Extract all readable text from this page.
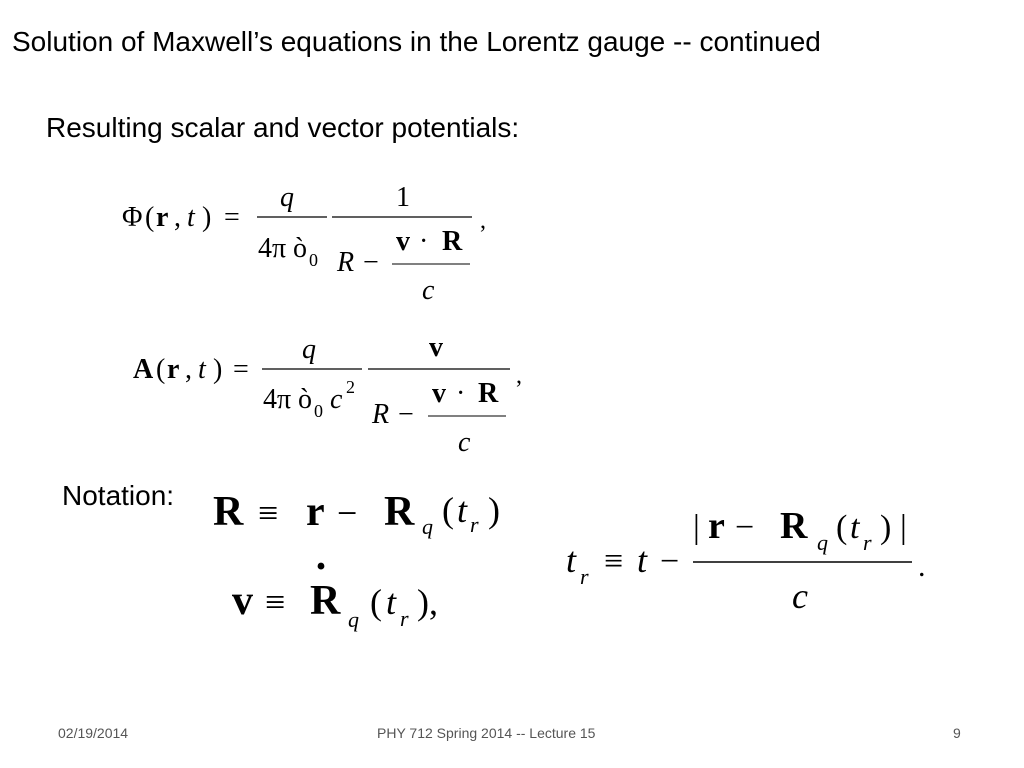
Solution of Maxwell’s equations in the Lorentz gauge -- continued
Resulting scalar and vector potentials:
Φ ( r , t ) =
q
4π ò 0
1
R −
v · R
c
,
A ( r , t ) =
q
4π ò 0 c 2
v
R −
v · R
c
,
R ≡ r − R q ( t r )
v ≡ R
·
q ( t r ),
t r ≡ t −
| r − R q ( t r ) |
c
.
Notation:
02/19/2014	PHY 712 Spring 2014 -- Lecture 15	9
